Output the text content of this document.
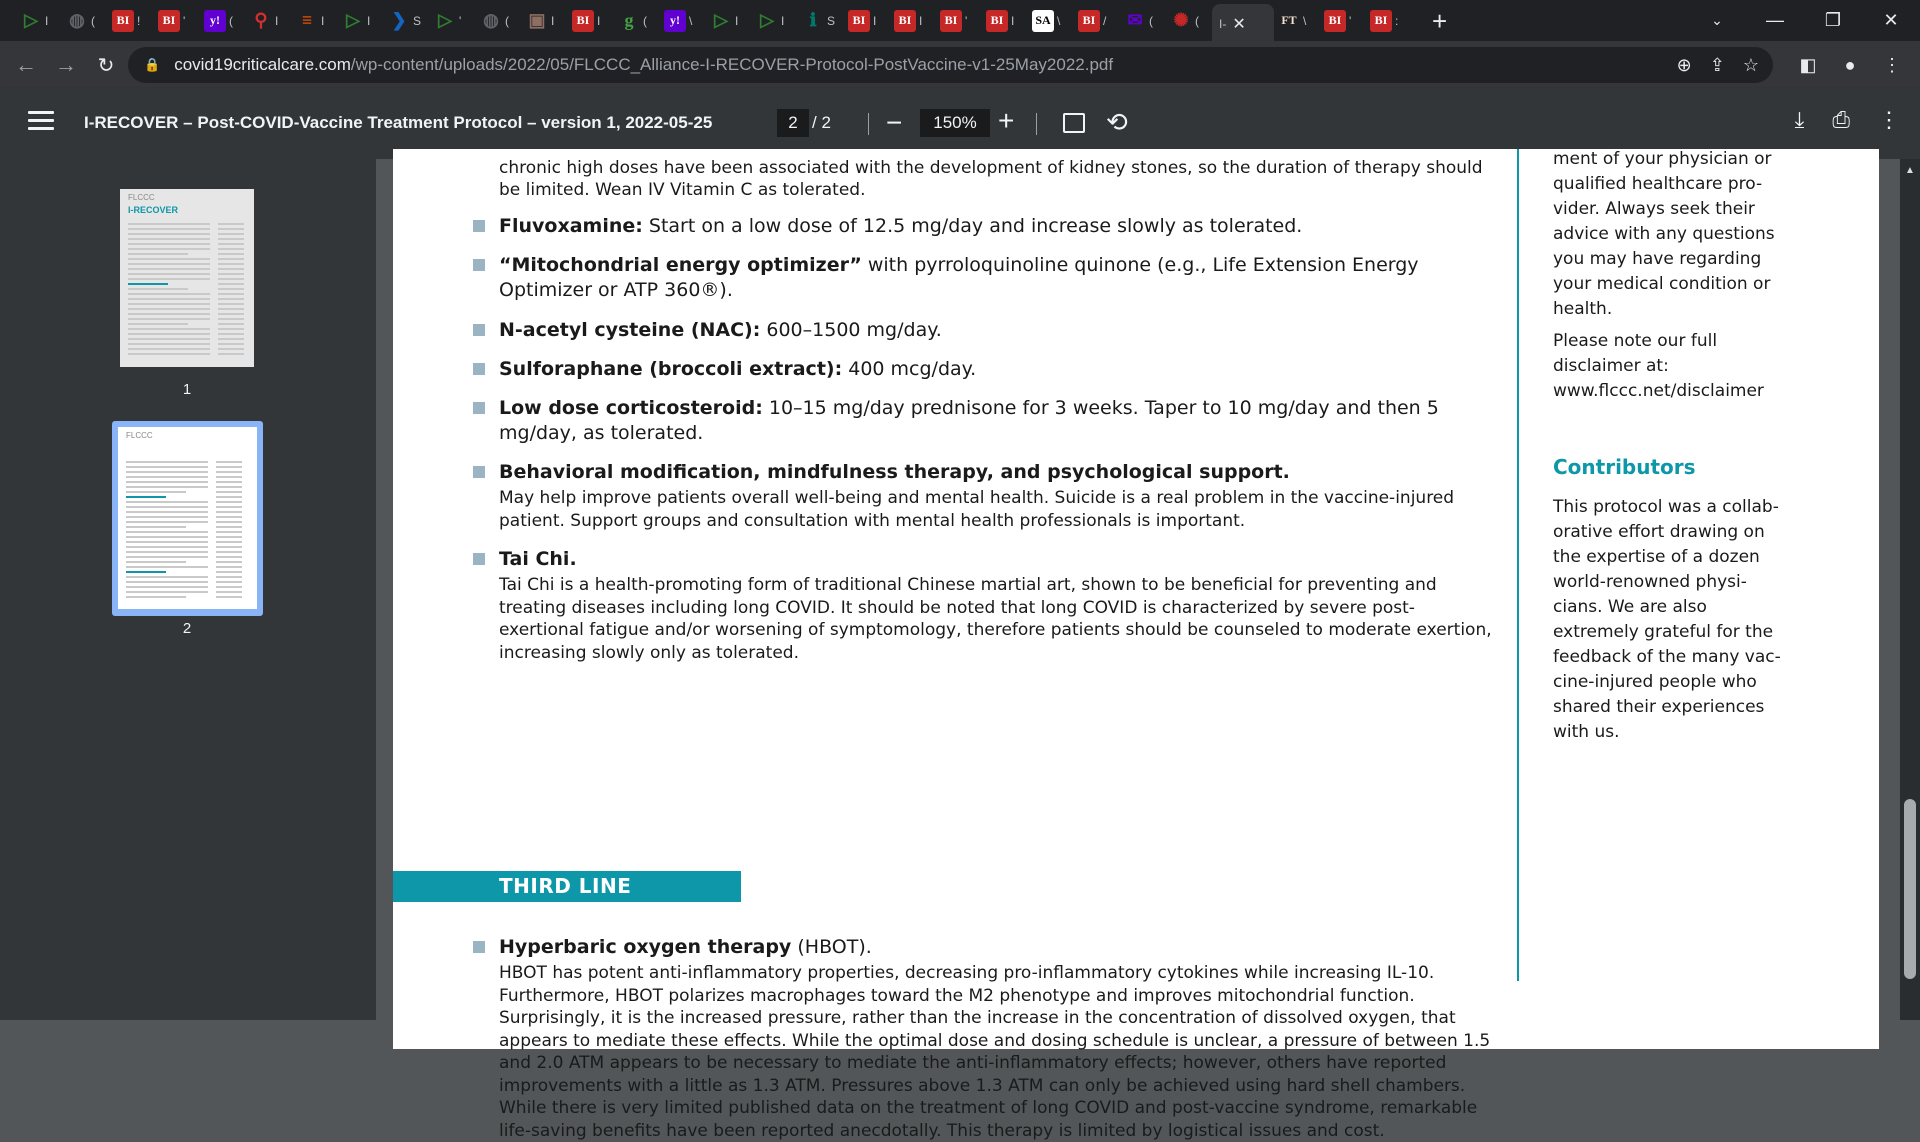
▷ I ◍ (	BI !	BI '	y! ( ⚲ I	≡ I ▷ I ❯ S ▷ ' ◍ ( ▣ I	BI I	g (	y! \ ▷ I ▷ I	ℹ S	BI I	BI I	BI '	BI I SA \	BI / ✉ ( ✺ ( I- ✕	FT \	BI '	BI : +	⌄	—	❐	✕
← →	↻	🔒 covid19criticalcare.com /wp-content/uploads/2022/05/FLCCC_Alliance-I-RECOVER-Protocol-PostVaccine-v1-25May2022.pdf	⊕ ⇪ ☆	◧	●	⋮
I-RECOVER – Post-COVID-Vaccine Treatment Protocol – version 1, 2022-05-25	2 / 2 −	150% +	⟲	⤓ ⎙ ⋮
FLCCC
I-RECOVER
1
FLCCC
2
chronic high doses have been associated with the development of kidney stones, so the duration of therapy should be limited. Wean IV Vitamin C as tolerated.
Fluvoxamine: Start on a low dose of 12.5 mg/day and increase slowly as tolerated.
“Mitochondrial energy optimizer” with pyrroloquinoline quinone (e.g., Life Extension Energy Optimizer or ATP 360®).
N-acetyl cysteine (NAC): 600–1500 mg/day.
Sulforaphane (broccoli extract): 400 mcg/day.
Low dose corticosteroid: 10–15 mg/day prednisone for 3 weeks. Taper to 10 mg/day and then 5 mg/day, as tolerated.
Behavioral modification, mindfulness therapy, and psychological support.
May help improve patients overall well-being and mental health. Suicide is a real problem in the vaccine-injured patient. Support groups and consultation with mental health professionals is important.
Tai Chi.
Tai Chi is a health-promoting form of traditional Chinese martial art, shown to be beneficial for preventing and treating diseases including long COVID. It should be noted that long COVID is characterized by severe post-exertional fatigue and/or worsening of symptomology, therefore patients should be counseled to moderate exertion, increasing slowly only as tolerated.
THIRD LINE THERAPY
Hyperbaric oxygen therapy (HBOT).
HBOT has potent anti-inflammatory properties, decreasing pro-inflammatory cytokines while increasing IL-10. Furthermore, HBOT polarizes macrophages toward the M2 phenotype and improves mitochondrial function. Surprisingly, it is the increased pressure, rather than the increase in the concentration of dissolved oxygen, that appears to mediate these effects. While the optimal dose and dosing schedule is unclear, a pressure of between 1.5 and 2.0 ATM appears to be necessary to mediate the anti-inflammatory effects; however, others have reported improvements with a little as 1.3 ATM. Pressures above 1.3 ATM can only be achieved using hard shell chambers. While there is very limited published data on the treatment of long COVID and post-vaccine syndrome, remarkable life-saving benefits have been reported anecdotally. This therapy is limited by logistical issues and cost.
ment of your physician or qualified healthcare pro-vider. Always seek their advice with any questions you may have regarding your medical condition or health.
Please note our full disclaimer at: www.flccc.net/disclaimer
Contributors
This protocol was a collab-orative effort drawing on the expertise of a dozen world-renowned physi-cians. We are also extremely grateful for the feedback of the many vac-cine-injured people who shared their experiences with us.
▲
